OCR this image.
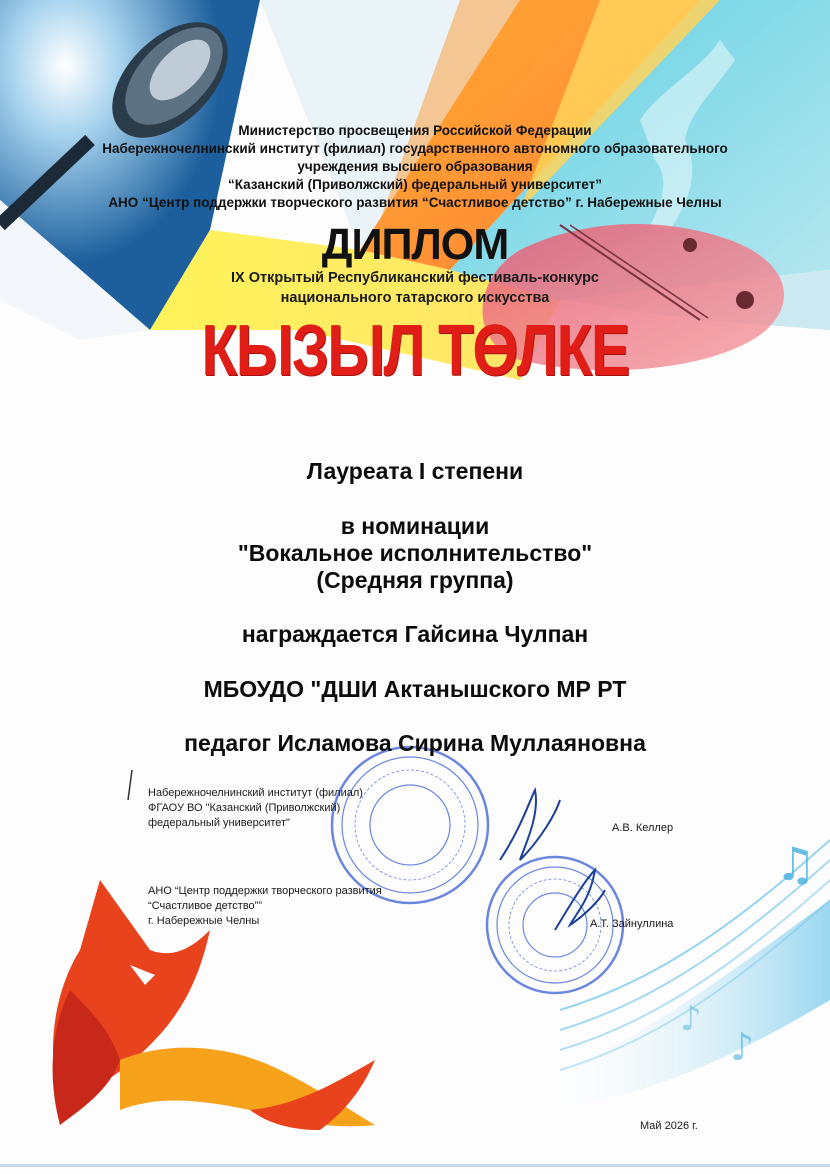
♫
♪
♪
Министерство просвещения Российской Федерации
Набережночелнинский институт (филиал) государственного автономного образовательного
учреждения высшего образования
“Казанский (Приволжский) федеральный университет”
АНО “Центр поддержки творческого развития “Счастливое детство” г. Набережные Челны
ДИПЛОМ
IX Открытый Республиканский фестиваль-конкурс
национального татарского искусства
КЫЗЫЛ ТӨЛКЕ
Лауреата I степени
в номинации
"Вокальное исполнительство"
(Средняя группа)
награждается Гайсина Чулпан
МБОУДО "ДШИ Актанышского МР РТ
педагог Исламова Сирина Муллаяновна
Набережночелнинский институт (филиал)
ФГАОУ ВО "Казанский (Приволжский)
федеральный университет"	А.В. Келлер
АНО “Центр поддержки творческого развития
“Счастливое детство””
г. Набережные Челны	А.Т. Зайнуллина
Май 2026 г.
